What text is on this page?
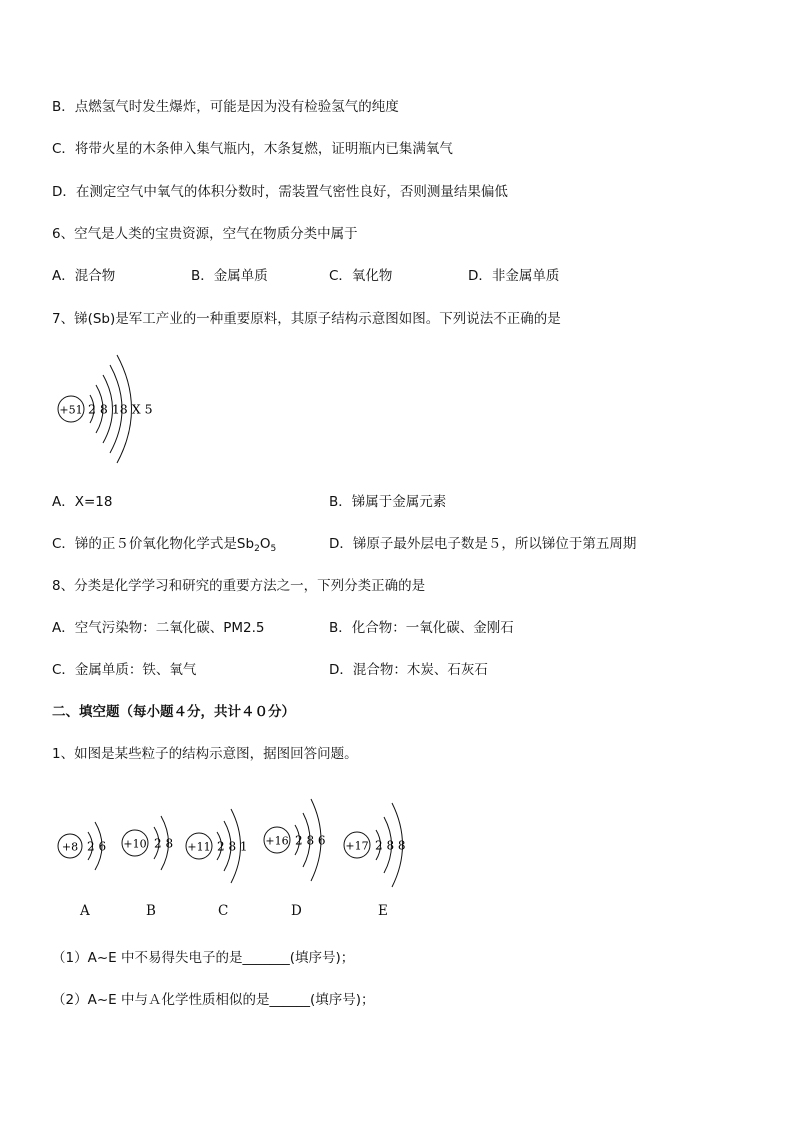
B．点燃氢气时发生爆炸，可能是因为没有检验氢气的纯度
C．将带火星的木条伸入集气瓶内，木条复燃，证明瓶内已集满氧气
D．在测定空气中氧气的体积分数时，需装置气密性良好，否则测量结果偏低
6、空气是人类的宝贵资源，空气在物质分类中属于
A．混合物	B．金属单质	C．氧化物	D．非金属单质
7、锑(Sb)是军工产业的一种重要原料，其原子结构示意图如图。下列说法不正确的是
+51 2 8 18 X 5
A．X=18	B．锑属于金属元素
C．锑的正５价氧化物化学式是$Sb_2O_5$	D．锑原子最外层电子数是５，所以锑位于第五周期
8、分类是化学学习和研究的重要方法之一，下列分类正确的是
A．空气污染物：二氧化碳、PM2.5	B．化合物：一氧化碳、金刚石
C．金属单质：铁、氧气	D．混合物：木炭、石灰石
二、填空题（每小题４分，共计４０分）
1、如图是某些粒子的结构示意图，据图回答问题。
+8 2 6
A
+10 2 8
B
+11 2 8 1
C
+16 2 8 6
D
+17 2 8 8
E
（1）A~E 中不易得失电子的是_______(填序号)；
（2）A~E 中与Ａ化学性质相似的是______(填序号)；
